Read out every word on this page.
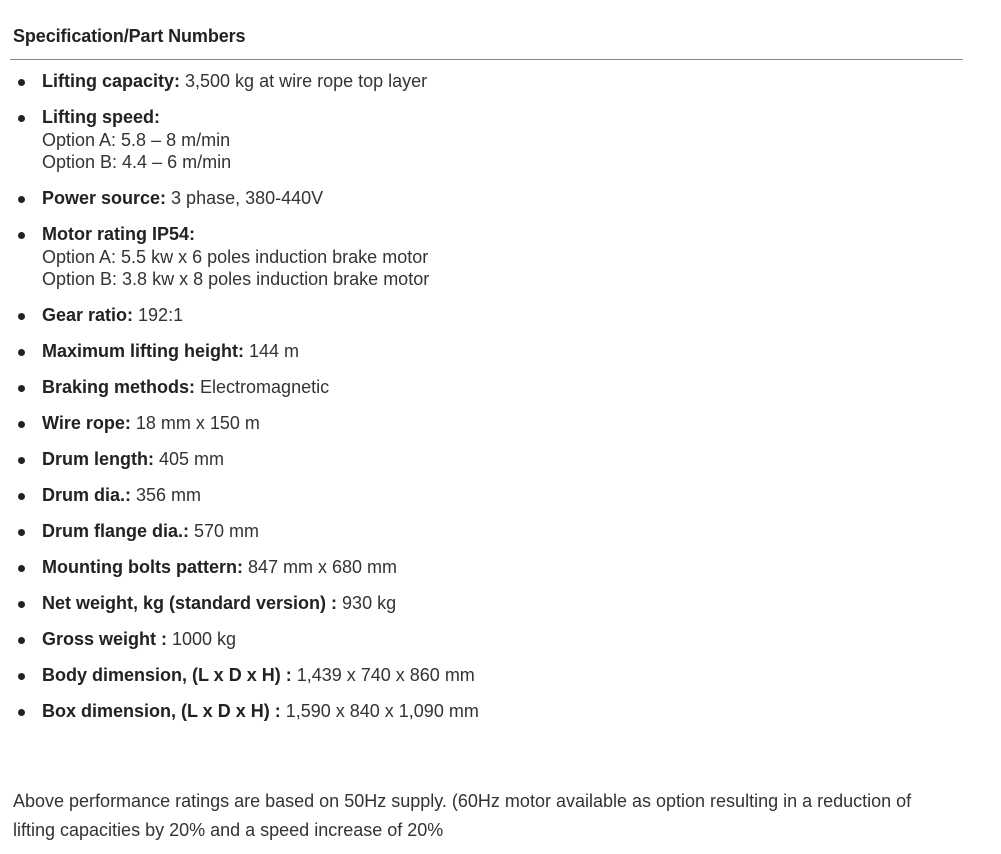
Specification/Part Numbers
Lifting capacity: 3,500 kg at wire rope top layer
Lifting speed:
Option A: 5.8 – 8 m/min
Option B: 4.4 – 6 m/min
Power source: 3 phase, 380-440V
Motor rating IP54:
Option A: 5.5 kw x 6 poles induction brake motor
Option B: 3.8 kw x 8 poles induction brake motor
Gear ratio: 192:1
Maximum lifting height: 144 m
Braking methods: Electromagnetic
Wire rope: 18 mm x 150 m
Drum length: 405 mm
Drum dia.: 356 mm
Drum flange dia.: 570 mm
Mounting bolts pattern: 847 mm x 680 mm
Net weight, kg (standard version) : 930 kg
Gross weight : 1000 kg
Body dimension, (L x D x H) : 1,439 x 740 x 860 mm
Box dimension, (L x D x H) : 1,590 x 840 x 1,090 mm
Above performance ratings are based on 50Hz supply. (60Hz motor available as option resulting in a reduction of lifting capacities by 20% and a speed increase of 20%
